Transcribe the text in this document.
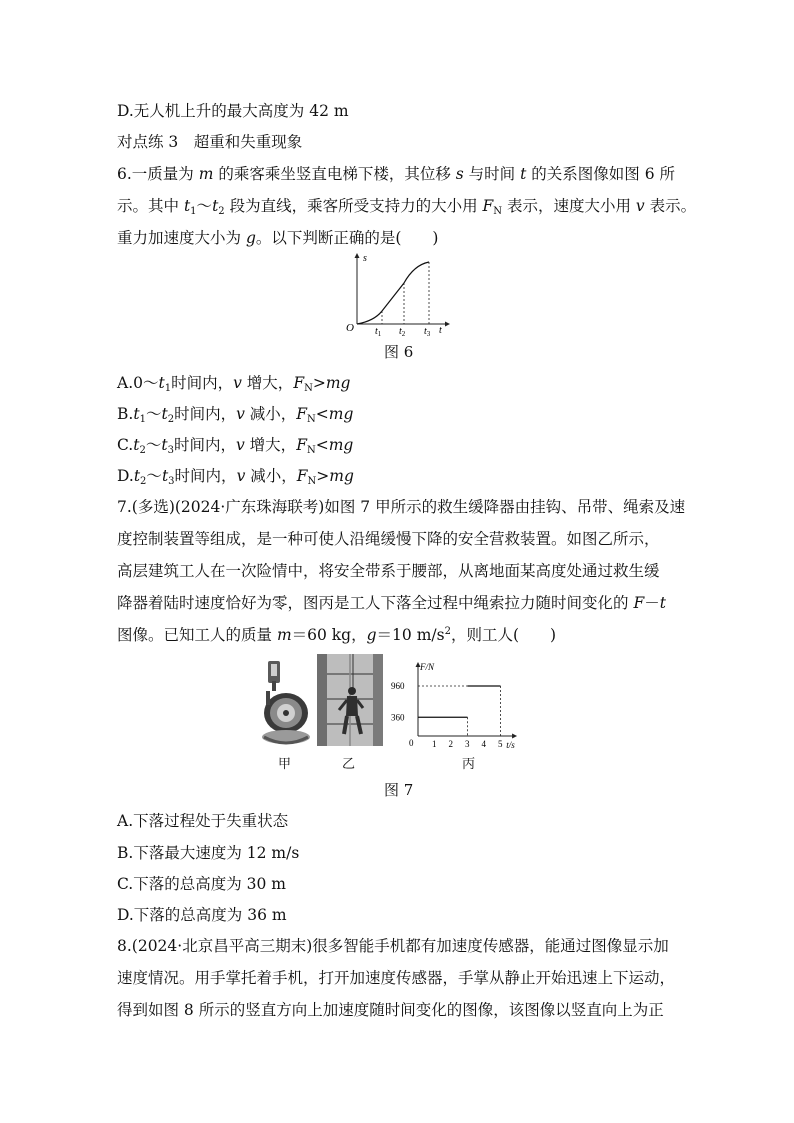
D.无人机上升的最大高度为 42 m
对点练 3　超重和失重现象
6.一质量为 m 的乘客乘坐竖直电梯下楼，其位移 s 与时间 t 的关系图像如图 6 所
示。其中 $t_1\sim t_2$ 段为直线，乘客所受支持力的大小用 $F_N$ 表示，速度大小用 v 表示。
重力加速度大小为 g。以下判断正确的是(　　)
s
O	t
$t_1$ $t_2$ $t_3$
图 6
$A.0\sim t_1$时间内，v 增大，$F_N>mg$
$B.t_1\sim t_2$时间内，v 减小，$F_N<mg$
$C.t_2\sim t_3$时间内，v 增大，$F_N<mg$
$D.t_2\sim t_3$时间内，v 减小，$F_N>mg$
7.(多选)(2024·广东珠海联考)如图 7 甲所示的救生缓降器由挂钩、吊带、绳索及速
度控制装置等组成，是一种可使人沿绳缓慢下降的安全营救装置。如图乙所示，
高层建筑工人在一次险情中，将安全带系于腰部，从离地面某高度处通过救生缓
降器着陆时速度恰好为零，图丙是工人下落全过程中绳索拉力随时间变化的 F－t
图像。已知工人的质量 m＝60 kg，g＝10 $m/s^2$，则工人(　　)
甲	乙
F/N
t/s
0 1 2 3 4 5
360
960
丙
图 7
A.下落过程处于失重状态
B.下落最大速度为 12 m/s
C.下落的总高度为 30 m
D.下落的总高度为 36 m
8.(2024·北京昌平高三期末)很多智能手机都有加速度传感器，能通过图像显示加
速度情况。用手掌托着手机，打开加速度传感器，手掌从静止开始迅速上下运动，
得到如图 8 所示的竖直方向上加速度随时间变化的图像，该图像以竖直向上为正
